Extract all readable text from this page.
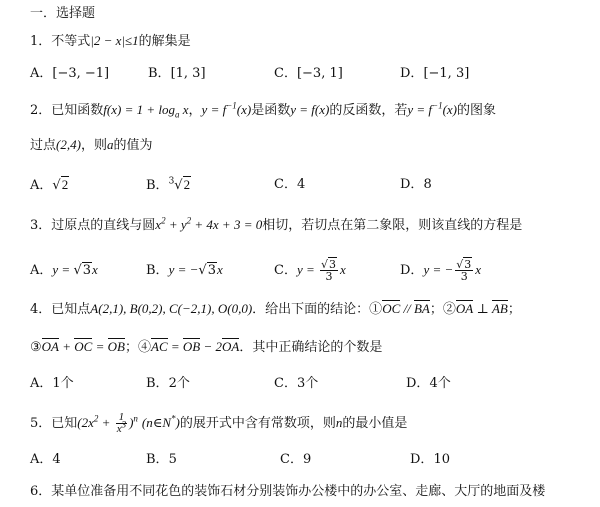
一．选择题
1．不等式|2 − x|≤1的解集是
A．[−3, −1]	B．[1, 3]	C．[−3, 1]	D．[−1, 3]
2．已知函数$f(x) = 1 + \log_a x$，$y = f^{-1}(x)$是函数y = f(x)的反函数，若$y = f^{-1}(x)$的图象
过点(2,4)，则a的值为
A．√2	B．$^3$√2	C．4	D．8
3．过原点的直线与圆$x^2 + y^2 + 4x + 3 = 0$相切，若切点在第二象限，则该直线的方程是
A．y = √3x	B．y = −√3x	C．$y = \frac{√3}{3}$ x	D．y = − $\frac{√3}{3}$ x
4．已知点A(2,1), B(0,2), C(−2,1), O(0,0)．给出下面的结论：①OC // BA；②OA ⊥ AB；
③OA + OC = OB；④AC = OB − 2OA．其中正确结论的个数是
A．1个	B．2个	C．3个	D．4个
5．已知$(2x^2 + \frac{1}{x^3} )^n$ (n∈N*)的展开式中含有常数项，则n的最小值是
A．4	B．5	C．9	D．10
6．某单位准备用不同花色的装饰石材分别装饰办公楼中的办公室、走廊、大厅的地面及楼
